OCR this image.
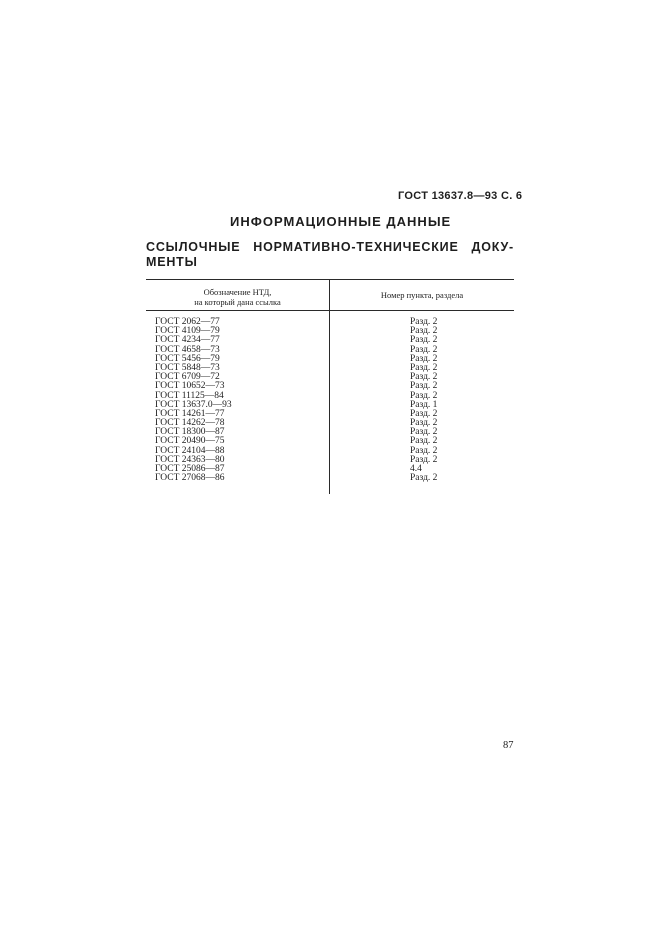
ГОСТ 13637.8—93 С. 6
ИНФОРМАЦИОННЫЕ ДАННЫЕ
ССЫЛОЧНЫЕ НОРМАТИВНО-ТЕХНИЧЕСКИЕ ДОКУ-
МЕНТЫ
Обозначение НТД,
на который дана ссылка
Номер пункта, раздела
ГОСТ 2062—77	Разд. 2
ГОСТ 4109—79	Разд. 2
ГОСТ 4234—77	Разд. 2
ГОСТ 4658—73	Разд. 2
ГОСТ 5456—79	Разд. 2
ГОСТ 5848—73	Разд. 2
ГОСТ 6709—72	Разд. 2
ГОСТ 10652—73	Разд. 2
ГОСТ 11125—84	Разд. 2
ГОСТ 13637.0—93	Разд. 1
ГОСТ 14261—77	Разд. 2
ГОСТ 14262—78	Разд. 2
ГОСТ 18300—87	Разд. 2
ГОСТ 20490—75	Разд. 2
ГОСТ 24104—88	Разд. 2
ГОСТ 24363—80	Разд. 2
ГОСТ 25086—87	4.4
ГОСТ 27068—86	Разд. 2
87
